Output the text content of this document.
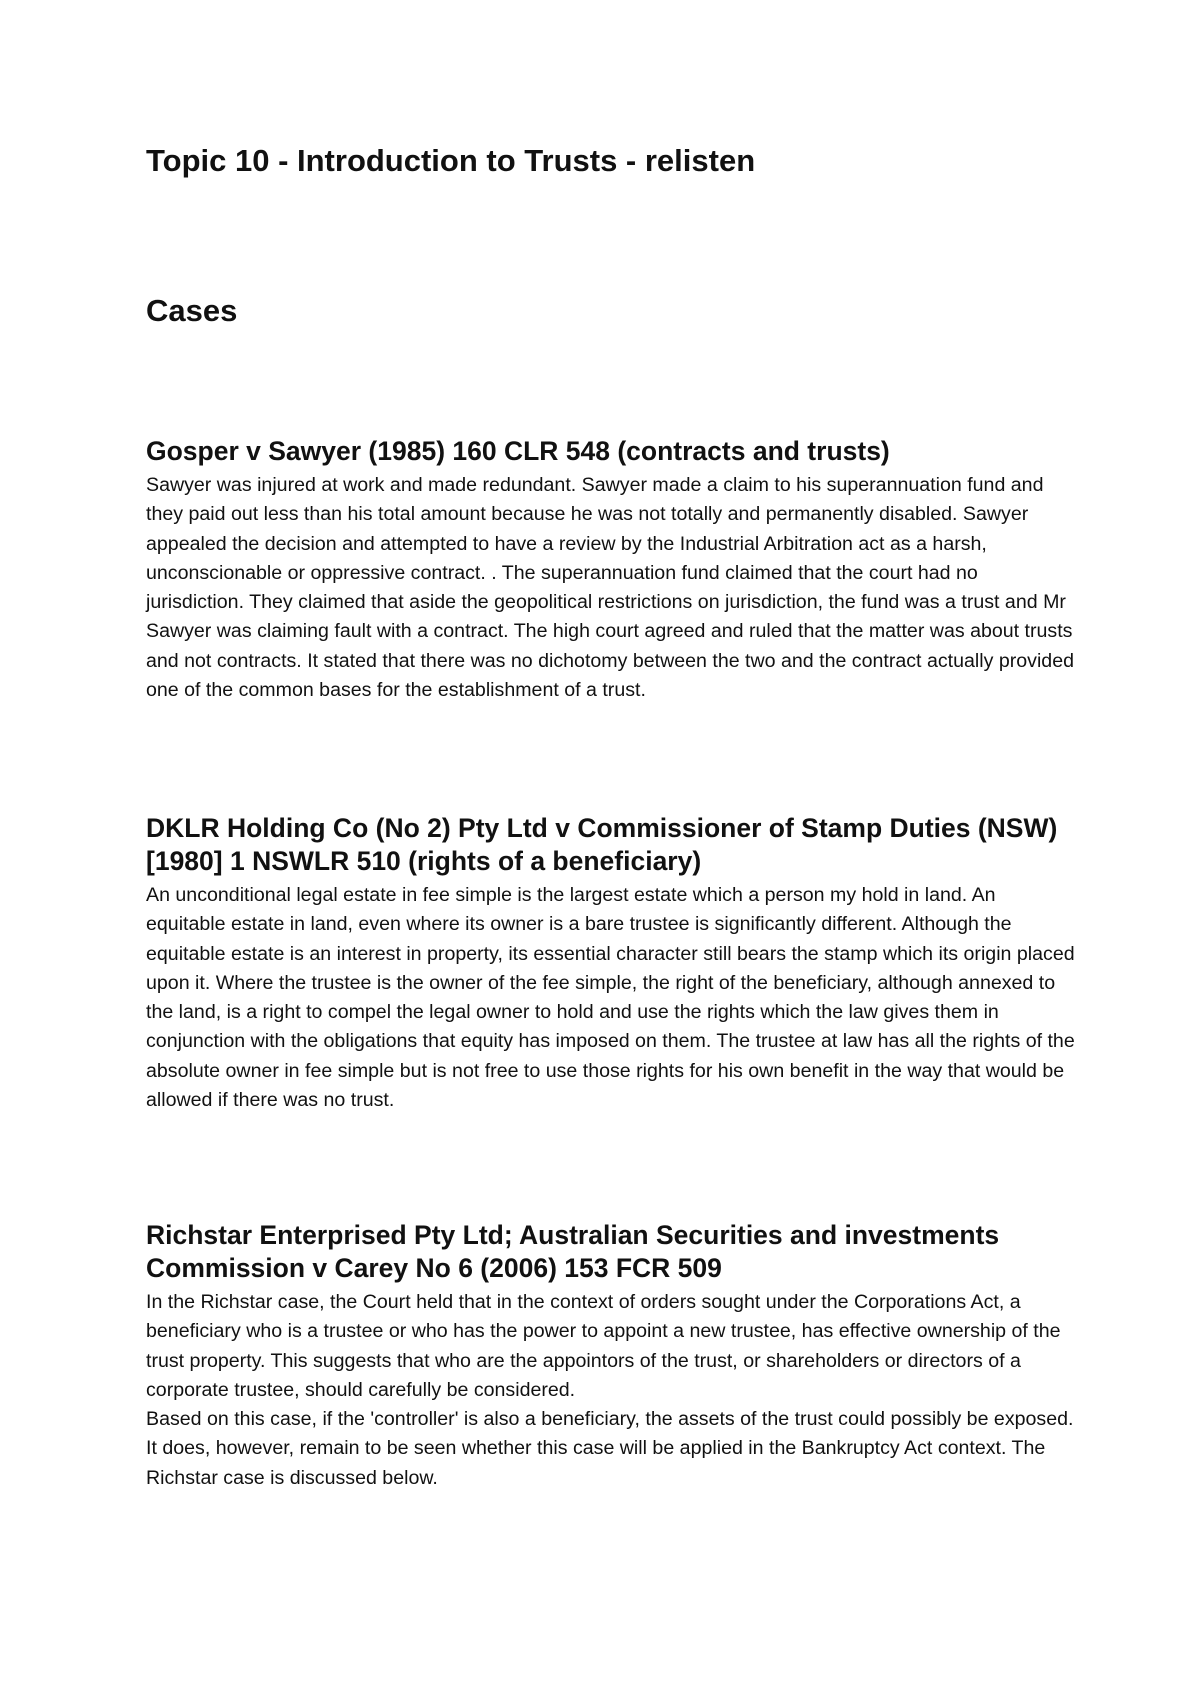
Topic 10 - Introduction to Trusts - relisten
Cases
Gosper v Sawyer (1985) 160 CLR 548 (contracts and trusts)

Sawyer was injured at work and made redundant. Sawyer made a claim to his superannuation fund and they paid out less than his total amount because he was not totally and permanently disabled. Sawyer appealed the decision and attempted to have a review by the Industrial Arbitration act as a harsh, unconscionable or oppressive contract. . The superannuation fund claimed that the court had no jurisdiction. They claimed that aside the geopolitical restrictions on jurisdiction, the fund was a trust and Mr Sawyer was claiming fault with a contract. The high court agreed and ruled that the matter was about trusts and not contracts. It stated that there was no dichotomy between the two and the contract actually provided one of the common bases for the establishment of a trust.

DKLR Holding Co (No 2) Pty Ltd v Commissioner of Stamp Duties (NSW) [1980] 1 NSWLR 510 (rights of a beneficiary)

An unconditional legal estate in fee simple is the largest estate which a person my hold in land. An equitable estate in land, even where its owner is a bare trustee is significantly different. Although the equitable estate is an interest in property, its essential character still bears the stamp which its origin placed upon it. Where the trustee is the owner of the fee simple, the right of the beneficiary, although annexed to the land, is a right to compel the legal owner to hold and use the rights which the law gives them in conjunction with the obligations that equity has imposed on them. The trustee at law has all the rights of the absolute owner in fee simple but is not free to use those rights for his own benefit in the way that would be allowed if there was no trust.

Richstar Enterprised Pty Ltd; Australian Securities and investments Commission v Carey No 6 (2006) 153 FCR 509

In the Richstar case, the Court held that in the context of orders sought under the Corporations Act, a beneficiary who is a trustee or who has the power to appoint a new trustee, has effective ownership of the trust property. This suggests that who are the appointors of the trust, or shareholders or directors of a corporate trustee, should carefully be considered.

Based on this case, if the 'controller' is also a beneficiary, the assets of the trust could possibly be exposed.

It does, however, remain to be seen whether this case will be applied in the Bankruptcy Act context. The Richstar case is discussed below.
